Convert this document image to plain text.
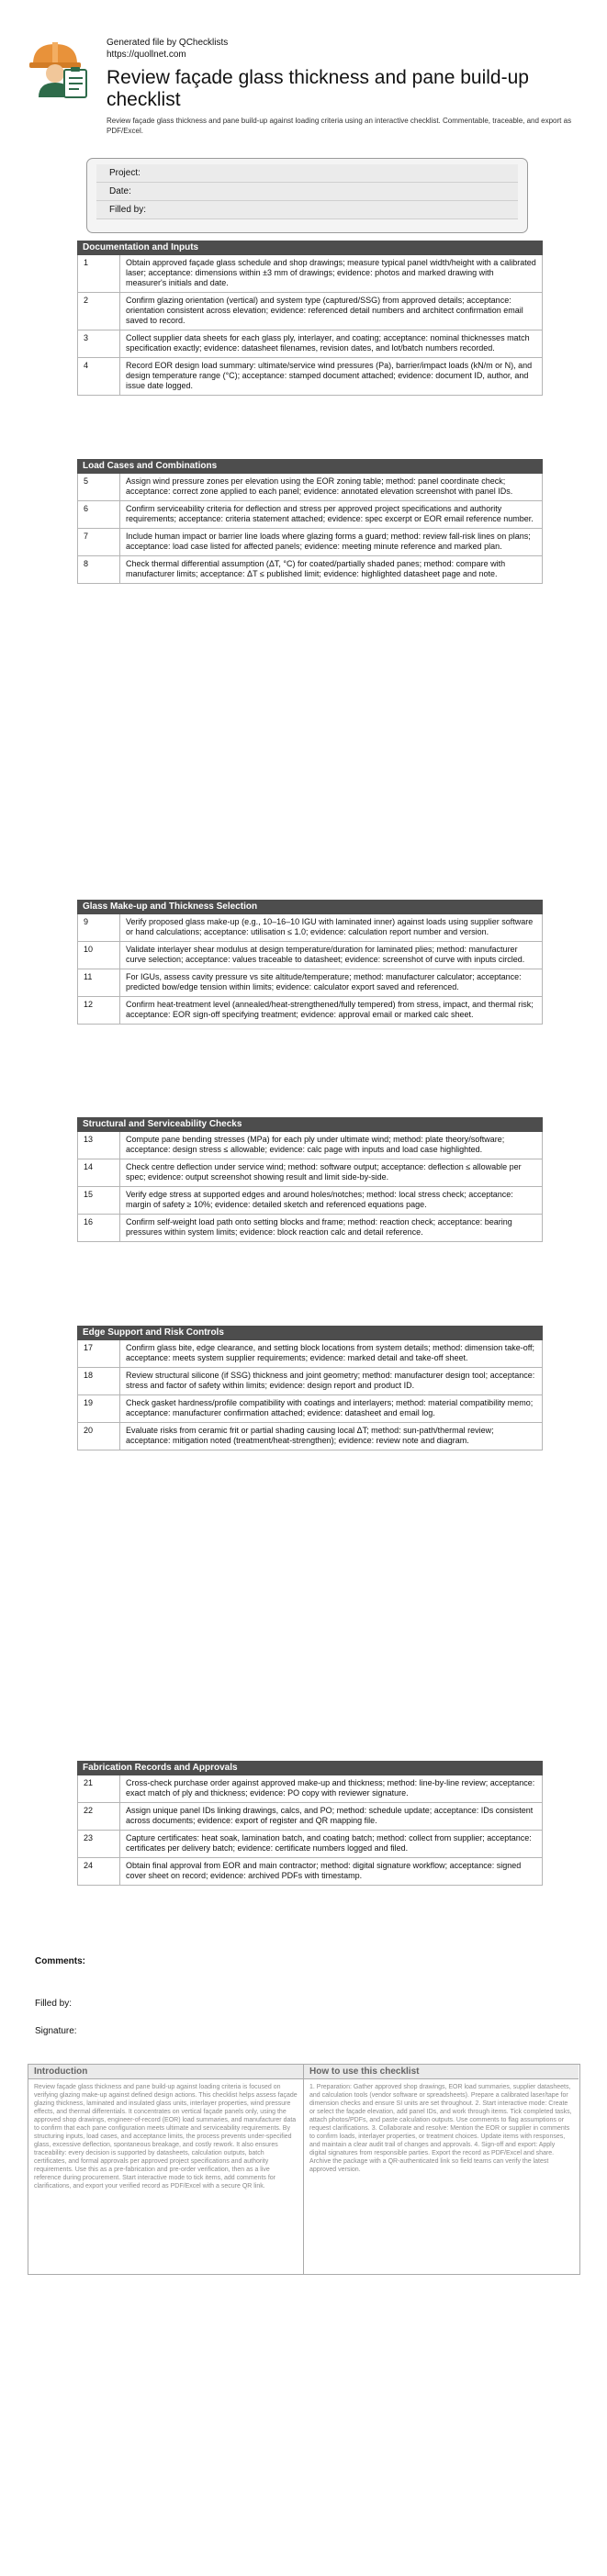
Generated file by QChecklists
https://quollnet.com
Review façade glass thickness and pane build-up checklist
Review façade glass thickness and pane build-up against loading criteria using an interactive checklist. Commentable, traceable, and export as PDF/Excel.
Project:
Date:
Filled by:
Documentation and Inputs
1	Obtain approved façade glass schedule and shop drawings; measure typical panel width/height with a calibrated laser; acceptance: dimensions within ±3 mm of drawings; evidence: photos and marked drawing with measurer's initials and date.
2	Confirm glazing orientation (vertical) and system type (captured/SSG) from approved details; acceptance: orientation consistent across elevation; evidence: referenced detail numbers and architect confirmation email saved to record.
3	Collect supplier data sheets for each glass ply, interlayer, and coating; acceptance: nominal thicknesses match specification exactly; evidence: datasheet filenames, revision dates, and lot/batch numbers recorded.
4	Record EOR design load summary: ultimate/service wind pressures (Pa), barrier/impact loads (kN/m or N), and design temperature range (°C); acceptance: stamped document attached; evidence: document ID, author, and issue date logged.
Load Cases and Combinations
5	Assign wind pressure zones per elevation using the EOR zoning table; method: panel coordinate check; acceptance: correct zone applied to each panel; evidence: annotated elevation screenshot with panel IDs.
6	Confirm serviceability criteria for deflection and stress per approved project specifications and authority requirements; acceptance: criteria statement attached; evidence: spec excerpt or EOR email reference number.
7	Include human impact or barrier line loads where glazing forms a guard; method: review fall-risk lines on plans; acceptance: load case listed for affected panels; evidence: meeting minute reference and marked plan.
8	Check thermal differential assumption (ΔT, °C) for coated/partially shaded panes; method: compare with manufacturer limits; acceptance: ΔT ≤ published limit; evidence: highlighted datasheet page and note.
Glass Make-up and Thickness Selection
9	Verify proposed glass make-up (e.g., 10–16–10 IGU with laminated inner) against loads using supplier software or hand calculations; acceptance: utilisation ≤ 1.0; evidence: calculation report number and version.
10	Validate interlayer shear modulus at design temperature/duration for laminated plies; method: manufacturer curve selection; acceptance: values traceable to datasheet; evidence: screenshot of curve with inputs circled.
11	For IGUs, assess cavity pressure vs site altitude/temperature; method: manufacturer calculator; acceptance: predicted bow/edge tension within limits; evidence: calculator export saved and referenced.
12	Confirm heat-treatment level (annealed/heat-strengthened/fully tempered) from stress, impact, and thermal risk; acceptance: EOR sign-off specifying treatment; evidence: approval email or marked calc sheet.
Structural and Serviceability Checks
13	Compute pane bending stresses (MPa) for each ply under ultimate wind; method: plate theory/software; acceptance: design stress ≤ allowable; evidence: calc page with inputs and load case highlighted.
14	Check centre deflection under service wind; method: software output; acceptance: deflection ≤ allowable per spec; evidence: output screenshot showing result and limit side-by-side.
15	Verify edge stress at supported edges and around holes/notches; method: local stress check; acceptance: margin of safety ≥ 10%; evidence: detailed sketch and referenced equations page.
16	Confirm self-weight load path onto setting blocks and frame; method: reaction check; acceptance: bearing pressures within system limits; evidence: block reaction calc and detail reference.
Edge Support and Risk Controls
17	Confirm glass bite, edge clearance, and setting block locations from system details; method: dimension take-off; acceptance: meets system supplier requirements; evidence: marked detail and take-off sheet.
18	Review structural silicone (if SSG) thickness and joint geometry; method: manufacturer design tool; acceptance: stress and factor of safety within limits; evidence: design report and product ID.
19	Check gasket hardness/profile compatibility with coatings and interlayers; method: material compatibility memo; acceptance: manufacturer confirmation attached; evidence: datasheet and email log.
20	Evaluate risks from ceramic frit or partial shading causing local ΔT; method: sun-path/thermal review; acceptance: mitigation noted (treatment/heat-strengthen); evidence: review note and diagram.
Fabrication Records and Approvals
21	Cross-check purchase order against approved make-up and thickness; method: line-by-line review; acceptance: exact match of ply and thickness; evidence: PO copy with reviewer signature.
22	Assign unique panel IDs linking drawings, calcs, and PO; method: schedule update; acceptance: IDs consistent across documents; evidence: export of register and QR mapping file.
23	Capture certificates: heat soak, lamination batch, and coating batch; method: collect from supplier; acceptance: certificates per delivery batch; evidence: certificate numbers logged and filed.
24	Obtain final approval from EOR and main contractor; method: digital signature workflow; acceptance: signed cover sheet on record; evidence: archived PDFs with timestamp.
Comments:
Filled by:
Signature:
Introduction
Review façade glass thickness and pane build-up against loading criteria is focused on verifying glazing make-up against defined design actions. This checklist helps assess façade glazing thickness, laminated and insulated glass units, interlayer properties, wind pressure effects, and thermal differentials. It concentrates on vertical façade panels only, using the approved shop drawings, engineer-of-record (EOR) load summaries, and manufacturer data to confirm that each pane configuration meets ultimate and serviceability requirements. By structuring inputs, load cases, and acceptance limits, the process prevents under-specified glass, excessive deflection, spontaneous breakage, and costly rework. It also ensures traceability: every decision is supported by datasheets, calculation outputs, batch certificates, and formal approvals per approved project specifications and authority requirements. Use this as a pre-fabrication and pre-order verification, then as a live reference during procurement. Start interactive mode to tick items, add comments for clarifications, and export your verified record as PDF/Excel with a secure QR link.
How to use this checklist
1. Preparation: Gather approved shop drawings, EOR load summaries, supplier datasheets, and calculation tools (vendor software or spreadsheets). Prepare a calibrated laser/tape for dimension checks and ensure SI units are set throughout. 2. Start interactive mode: Create or select the façade elevation, add panel IDs, and work through items. Tick completed tasks, attach photos/PDFs, and paste calculation outputs. Use comments to flag assumptions or request clarifications. 3. Collaborate and resolve: Mention the EOR or supplier in comments to confirm loads, interlayer properties, or treatment choices. Update items with responses, and maintain a clear audit trail of changes and approvals. 4. Sign-off and export: Apply digital signatures from responsible parties. Export the record as PDF/Excel and share. Archive the package with a QR-authenticated link so field teams can verify the latest approved version.
